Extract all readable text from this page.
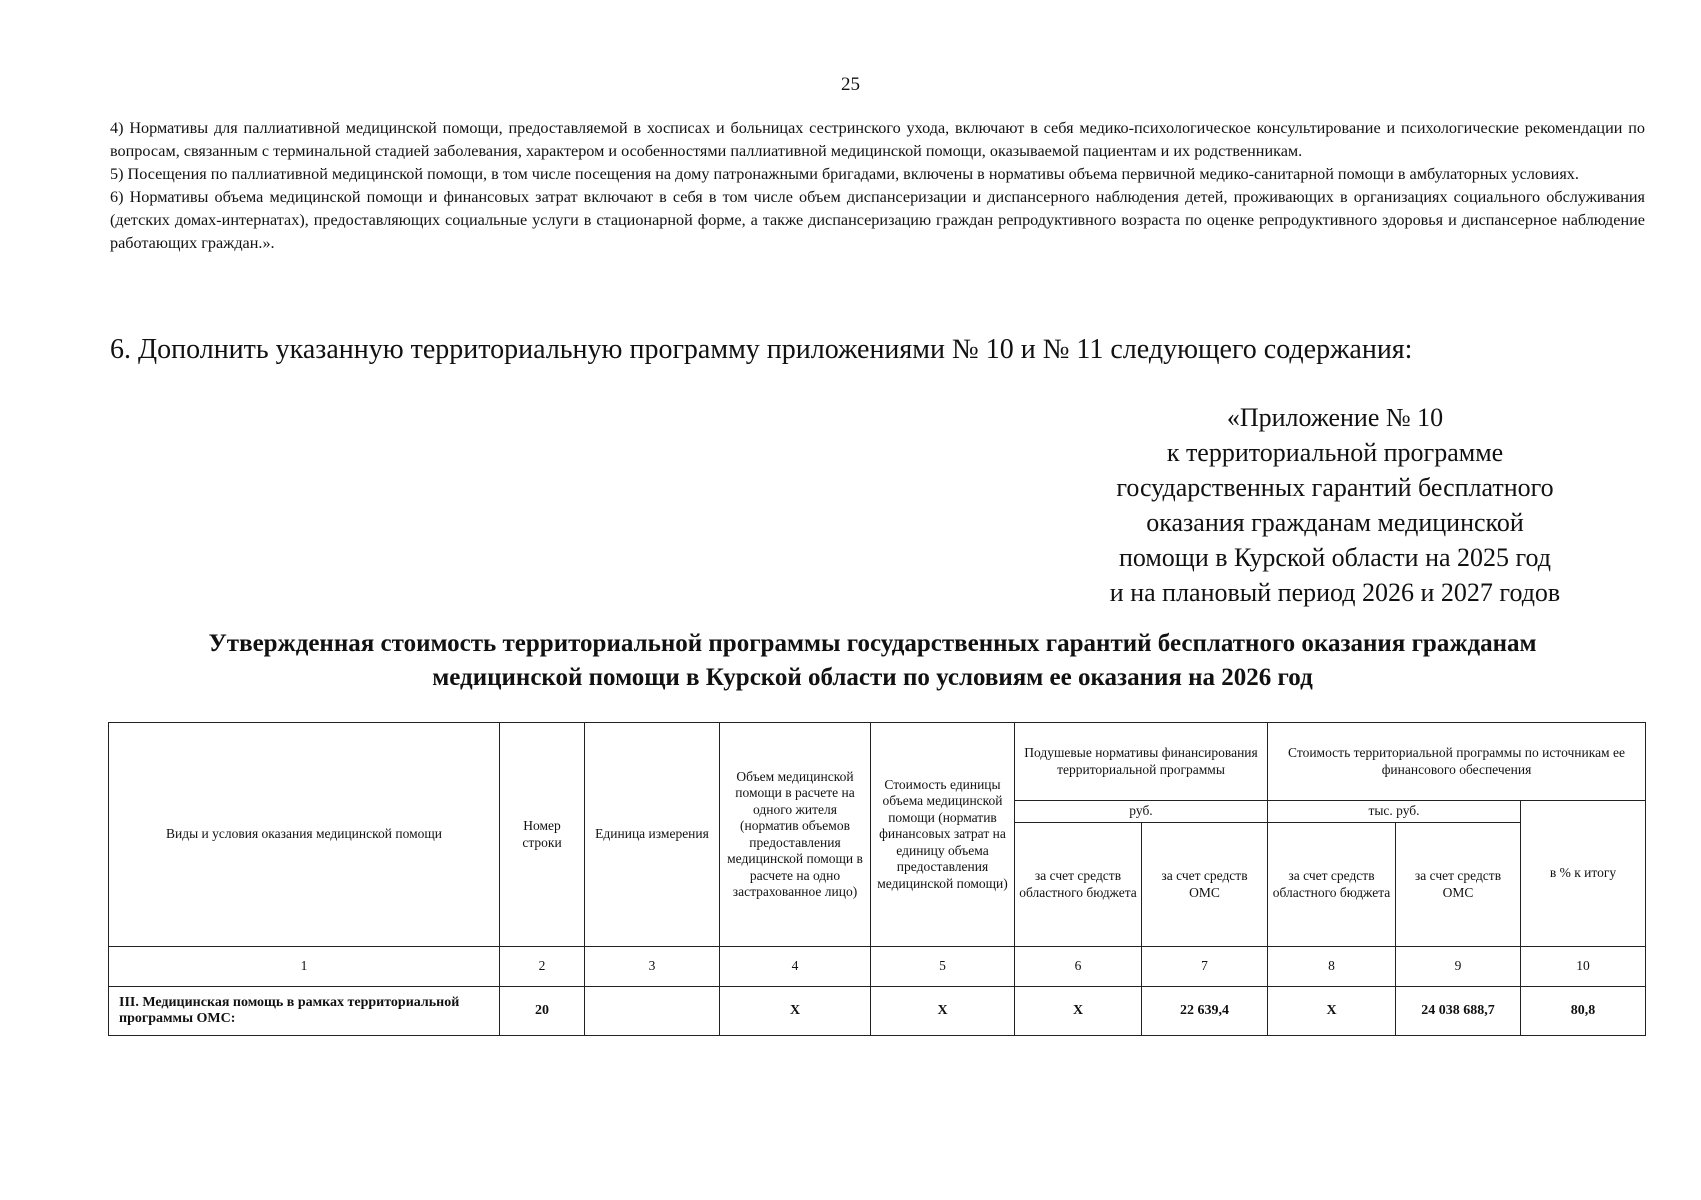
25

4) Нормативы для паллиативной медицинской помощи, предоставляемой в хосписах и больницах сестринского ухода, включают в себя медико-психологическое консультирование и психологические рекомендации по вопросам, связанным с терминальной стадией заболевания, характером и особенностями паллиативной медицинской помощи, оказываемой пациентам и их родственникам.

5) Посещения по паллиативной медицинской помощи, в том числе посещения на дому патронажными бригадами, включены в нормативы объема первичной медико-санитарной помощи в амбулаторных условиях.

6) Нормативы объема медицинской помощи и финансовых затрат включают в себя в том числе объем диспансеризации и диспансерного наблюдения детей, проживающих в организациях социального обслуживания (детских домах-интернатах), предоставляющих социальные услуги в стационарной форме, а также диспансеризацию граждан репродуктивного возраста по оценке репродуктивного здоровья и диспансерное наблюдение работающих граждан.».

6. Дополнить указанную территориальную программу приложениями № 10 и № 11 следующего содержания:
«Приложение № 10
к территориальной программе
государственных гарантий бесплатного
оказания гражданам медицинской
помощи в Курской области на 2025 год
и на плановый период 2026 и 2027 годов
Утвержденная стоимость территориальной программы государственных гарантий бесплатного оказания гражданам
медицинской помощи в Курской области по условиям ее оказания на 2026 год
Виды и условия оказания медицинской помощи	Номер строки	Единица измерения	Объем медицинской помощи в расчете на одного жителя (норматив объемов предоставления медицинской помощи в расчете на одно застрахованное лицо)	Стоимость единицы объема медицинской помощи (норматив финансовых затрат на единицу объема предоставления медицинской помощи)	Подушевые нормативы финансирования территориальной программы		Стоимость территориальной программы по источникам ее финансового обеспечения		
					руб.		тыс. руб.		в % к итогу
					за счет средств областного бюджета	за счет средств ОМС	за счет средств областного бюджета	за счет средств ОМС	
1	2	3	4	5	6	7	8	9	10
III. Медицинская помощь в рамках территориальной программы ОМС:	20		X	X	X	22 639,4	X	24 038 688,7	80,8
